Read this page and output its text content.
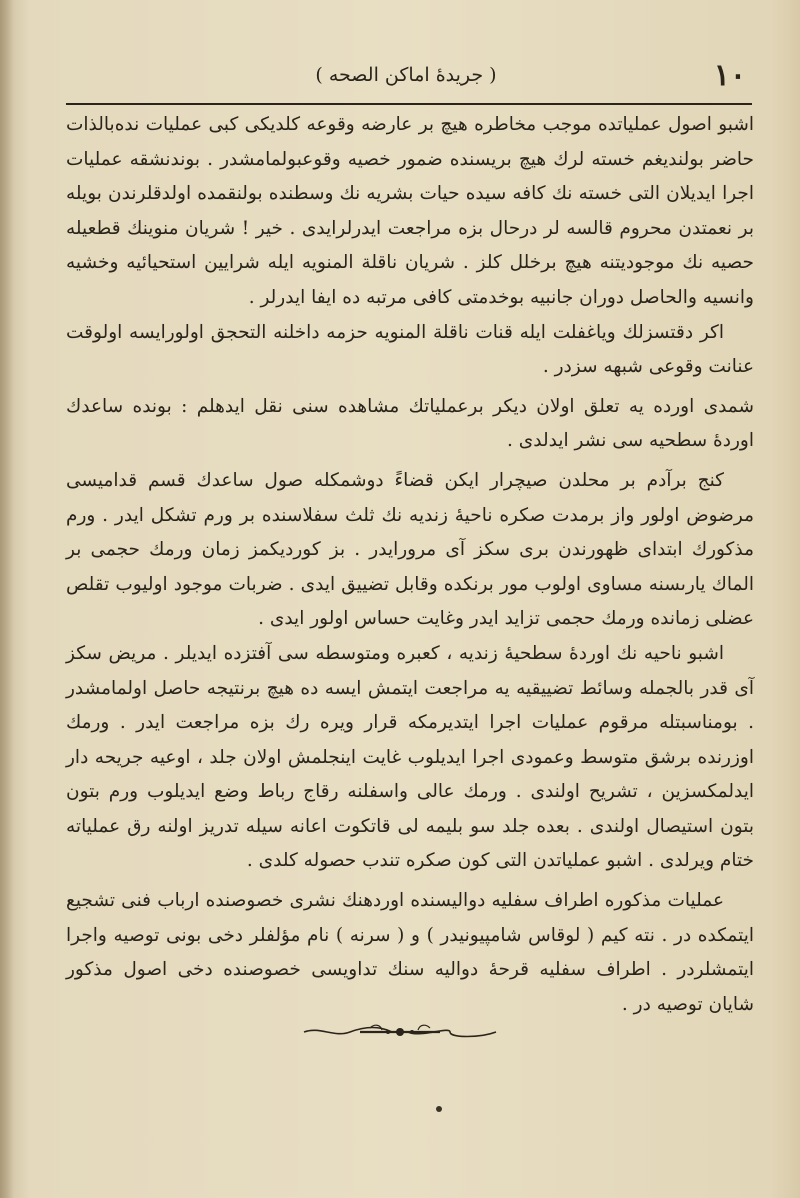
١٠
( جريدهٔ اماكن الصحه )

اشبو اصول عملياتده موجب مخاطره هيچ بر عارضه وقوعه كلديكى كبى عمليات ندەبالذات حاضر بولنديغم خسته لرك هيچ بريسنده ضمور خصيه وقوعبولمامشدر . بوندنشقه عمليات اجرا ايديلان التى خسته نك كافه سيده حيات بشريه نك وسطنده بولنقمده اولدقلرندن بويله بر نعمتدن محروم قالسه لر درحال بزه مراجعت ايدرلرايدى . خير ! شريان منوينك قطعيله حصيه نك موجوديتنه هيچ برخلل كلز . شريان ناقلة المنويه ايله شرايين استحيائيه وخشيه وانسيه والحاصل دوران جانبيه بوخدمتى كافى مرتبه ده ايفا ايدرلر .

اكر دقتسزلك وياغفلت ايله قنات ناقلة المنويه حزمه داخلنه التحجق اولورايسه اولوقت عنانت وقوعى شبهه سزدر .

شمدى اورده يه تعلق اولان ديكر برعملياتك مشاهده سنى نقل ايدهلم : بونده ساعدك اوردهٔ سطحيه سى نشر ايدلدى .

كنج برآدم بر محلدن صيچرار ايكن قضاءً دوشمكله صول ساعدك قسم قدامیسی مرضوض اولور واز برمدت صكره ناحيهٔ زنديه نك ثلث سفلاسنده بر ورم تشكل ايدر . ورم مذكورك ابتداى ظهورندن برى سكز آى مرورايدر . بز كورديكمز زمان ورمك حجمى بر الماك يارىسنه مساوى اولوب مور برنكده وقابل تضييق ايدى . ضربات موجود اوليوب تقلص عضلى زمانده ورمك حجمى تزايد ايدر وغايت حساس اولور ايدى .

اشبو ناحيه نك اوردهٔ سطحيهٔ زنديه ، كعبره ومتوسطه سى آفتزده ايديلر . مريض سكز آى قدر بالجمله وسائط تضييقيه يه مراجعت ايتمش ايسه ده هيچ برنتيجه حاصل اولمامشدر . بومناسبتله مرقوم عمليات اجرا ايتديرمكه قرار ويره رك بزه مراجعت ايدر . ورمك اوزرنده برشق متوسط وعمودى اجرا ايديلوب غايت اينجلمش اولان جلد ، اوعيه جريحه دار ايدلمكسزين ، تشريح اولندى . ورمك عالى واسفلنه رقاج رباط وضع ايديلوب ورم بتون بتون استيصال اولندى . بعده جلد سو بليمه لى قاتكوت اعانه سيله تدريز اولنه رق عملياته ختام ويرلدى . اشبو عملياتدن التى كون صكره تندب حصوله كلدى .

عمليات مذكوره اطراف سفليه دواليسنده اوردهنك نشرى خصوصنده ارباب فنى تشجيع ايتمكده در . نته كيم ( لوقاس شامپيونيدر ) و ( سرنه ) نام مؤلفلر دخى بونى توصيه واجرا ايتمشلردر . اطراف سفليه قرحهٔ دواليه سنك تداويسى خصوصنده دخى اصول مذكور شايان توصيه در .
